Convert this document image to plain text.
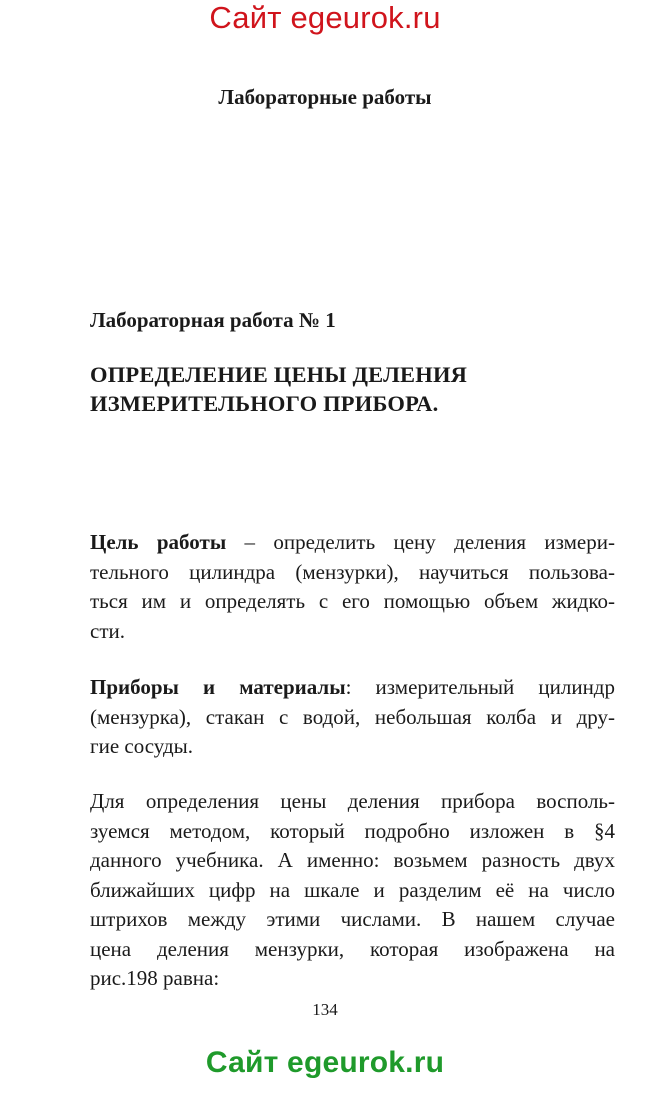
Сайт egeurok.ru
Лабораторные работы
Лабораторная работа № 1
ОПРЕДЕЛЕНИЕ ЦЕНЫ ДЕЛЕНИЯ
ИЗМЕРИТЕЛЬНОГО ПРИБОРА.
Цель работы – определить цену деления измери-
тельного цилиндра (мензурки), научиться пользова-
ться им и определять с его помощью объем жидко-
сти.
Приборы и материалы: измерительный цилиндр
(мензурка), стакан с водой, небольшая колба и дру-
гие сосуды.
Для определения цены деления прибора восполь-
зуемся методом, который подробно изложен в §4
данного учебника. А именно: возьмем разность двух
ближайших цифр на шкале и разделим её на число
штрихов между этими числами. В нашем случае
цена деления мензурки, которая изображена на
рис.198 равна:
134
Сайт egeurok.ru
